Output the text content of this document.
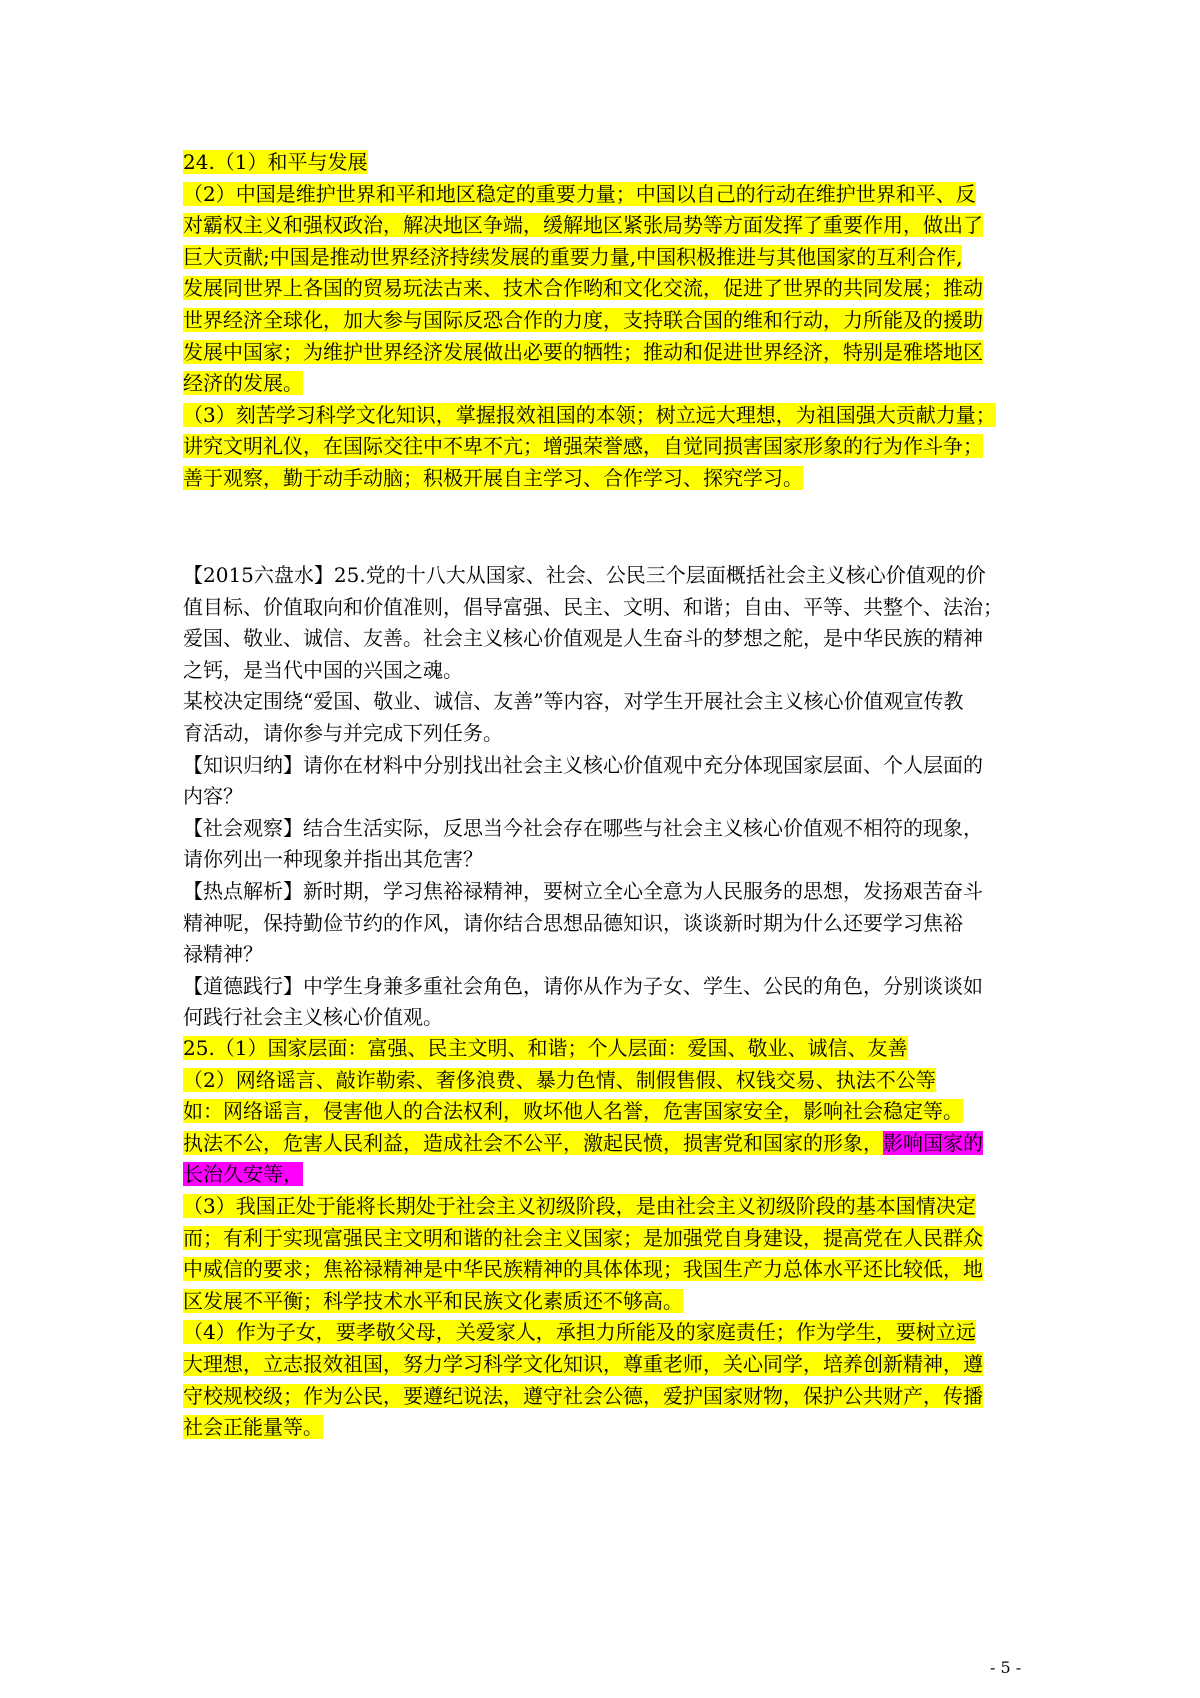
24.（1）和平与发展
（2）中国是维护世界和平和地区稳定的重要力量；中国以自己的行动在维护世界和平、反
对霸权主义和强权政治，解决地区争端，缓解地区紧张局势等方面发挥了重要作用，做出了
巨大贡献;中国是推动世界经济持续发展的重要力量,中国积极推进与其他国家的互利合作,
发展同世界上各国的贸易玩法古来、技术合作哟和文化交流，促进了世界的共同发展；推动
世界经济全球化，加大参与国际反恐合作的力度，支持联合国的维和行动，力所能及的援助
发展中国家；为维护世界经济发展做出必要的牺牲；推动和促进世界经济，特别是雅塔地区
经济的发展。
（3）刻苦学习科学文化知识，掌握报效祖国的本领；树立远大理想，为祖国强大贡献力量；
讲究文明礼仪，在国际交往中不卑不亢；增强荣誉感，自觉同损害国家形象的行为作斗争；
善于观察，勤于动手动脑；积极开展自主学习、合作学习、探究学习。
【2015六盘水】25.党的十八大从国家、社会、公民三个层面概括社会主义核心价值观的价
值目标、价值取向和价值准则，倡导富强、民主、文明、和谐；自由、平等、共整个、法治；
爱国、敬业、诚信、友善。社会主义核心价值观是人生奋斗的梦想之舵，是中华民族的精神
之钙，是当代中国的兴国之魂。
某校决定围绕“爱国、敬业、诚信、友善”等内容，对学生开展社会主义核心价值观宣传教
育活动，请你参与并完成下列任务。
【知识归纳】请你在材料中分别找出社会主义核心价值观中充分体现国家层面、个人层面的
内容？
【社会观察】结合生活实际，反思当今社会存在哪些与社会主义核心价值观不相符的现象，
请你列出一种现象并指出其危害？
【热点解析】新时期，学习焦裕禄精神，要树立全心全意为人民服务的思想，发扬艰苦奋斗
精神呢，保持勤俭节约的作风，请你结合思想品德知识，谈谈新时期为什么还要学习焦裕
禄精神？
【道德践行】中学生身兼多重社会角色，请你从作为子女、学生、公民的角色，分别谈谈如
何践行社会主义核心价值观。
25.（1）国家层面：富强、民主文明、和谐；个人层面：爱国、敬业、诚信、友善
（2）网络谣言、敲诈勒索、奢侈浪费、暴力色情、制假售假、权钱交易、执法不公等
如：网络谣言，侵害他人的合法权利，败坏他人名誉，危害国家安全，影响社会稳定等。
执法不公，危害人民利益，造成社会不公平，激起民愤，损害党和国家的形象，影响国家的
长治久安等，
（3）我国正处于能将长期处于社会主义初级阶段，是由社会主义初级阶段的基本国情决定
而；有利于实现富强民主文明和谐的社会主义国家；是加强党自身建设，提高党在人民群众
中威信的要求；焦裕禄精神是中华民族精神的具体体现；我国生产力总体水平还比较低，地
区发展不平衡；科学技术水平和民族文化素质还不够高。
（4）作为子女，要孝敬父母，关爱家人，承担力所能及的家庭责任；作为学生，要树立远
大理想，立志报效祖国，努力学习科学文化知识，尊重老师，关心同学，培养创新精神，遵
守校规校级；作为公民，要遵纪说法，遵守社会公德，爱护国家财物，保护公共财产，传播
社会正能量等。
- 5 -
